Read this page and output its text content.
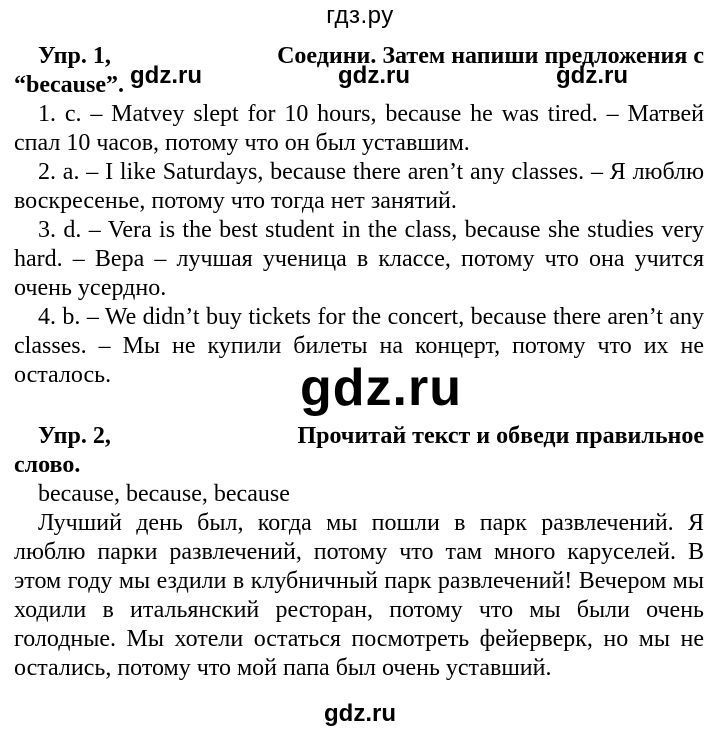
гдз.ру
Упр. 1,	Соедини. Затем напиши предложения с
“because”. gdz.ru	gdz.ru	gdz.ru
1. c. – Matvey slept for 10 hours, because he was tired. – Матвей спал 10 часов, потому что он был уставшим.
2. a. – I like Saturdays, because there aren’t any classes. – Я люблю воскресенье, потому что тогда нет занятий.
3. d. – Vera is the best student in the class, because she studies very hard. – Вера – лучшая ученица в классе, потому что она учится очень усердно.
4. b. – We didn’t buy tickets for the concert, because there aren’t any classes. – Мы не купили билеты на концерт, потому что их не осталось.	gdz.ru
Упр. 2,	Прочитай текст и обведи правильное
слово.
because, because, because
Лучший день был, когда мы пошли в парк развлечений. Я люблю парки развлечений, потому что там много каруселей. В этом году мы ездили в клубничный парк развлечений! Вечером мы ходили в итальянский ресторан, потому что мы были очень голодные. Мы хотели остаться посмотреть фейерверк, но мы не остались, потому что мой папа был очень уставший.
gdz.ru
